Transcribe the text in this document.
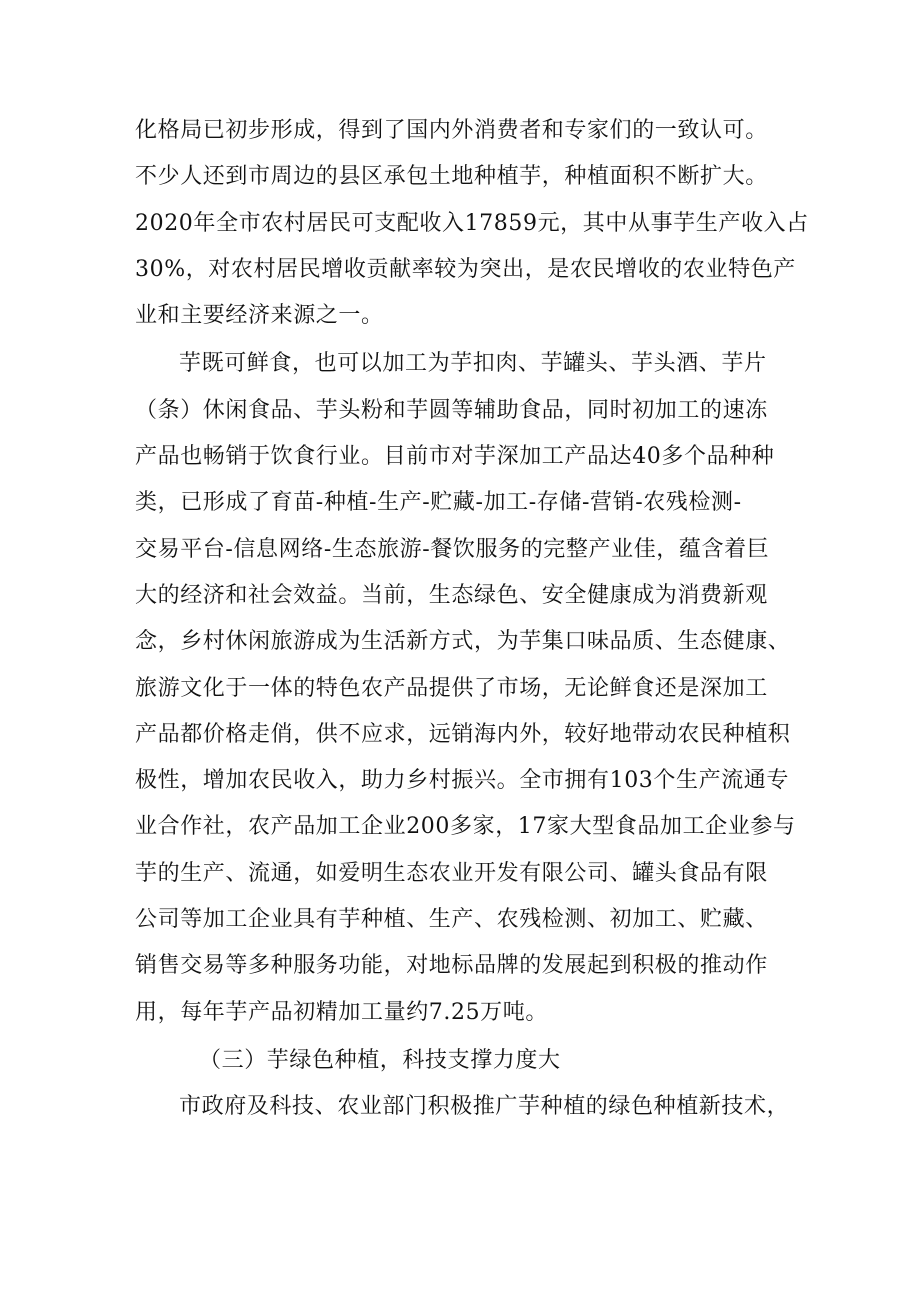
化格局已初步形成，得到了国内外消费者和专家们的一致认可。
不少人还到市周边的县区承包土地种植芋，种植面积不断扩大。
2020年全市农村居民可支配收入17859元，其中从事芋生产收入占
30%，对农村居民增收贡献率较为突出，是农民增收的农业特色产
业和主要经济来源之一。
芋既可鲜食，也可以加工为芋扣肉、芋罐头、芋头酒、芋片
（条）休闲食品、芋头粉和芋圆等辅助食品，同时初加工的速冻
产品也畅销于饮食行业。目前市对芋深加工产品达40多个品种种
类，已形成了育苗-种植-生产-贮藏-加工-存储-营销-农残检测-
交易平台-信息网络-生态旅游-餐饮服务的完整产业佳，蕴含着巨
大的经济和社会效益。当前，生态绿色、安全健康成为消费新观
念，乡村休闲旅游成为生活新方式，为芋集口味品质、生态健康、
旅游文化于一体的特色农产品提供了市场，无论鲜食还是深加工
产品都价格走俏，供不应求，远销海内外，较好地带动农民种植积
极性，增加农民收入，助力乡村振兴。全市拥有103个生产流通专
业合作社，农产品加工企业200多家，17家大型食品加工企业参与
芋的生产、流通，如爱明生态农业开发有限公司、罐头食品有限
公司等加工企业具有芋种植、生产、农残检测、初加工、贮藏、
销售交易等多种服务功能，对地标品牌的发展起到积极的推动作
用，每年芋产品初精加工量约7.25万吨。
（三）芋绿色种植，科技支撑力度大
市政府及科技、农业部门积极推广芋种植的绿色种植新技术，
